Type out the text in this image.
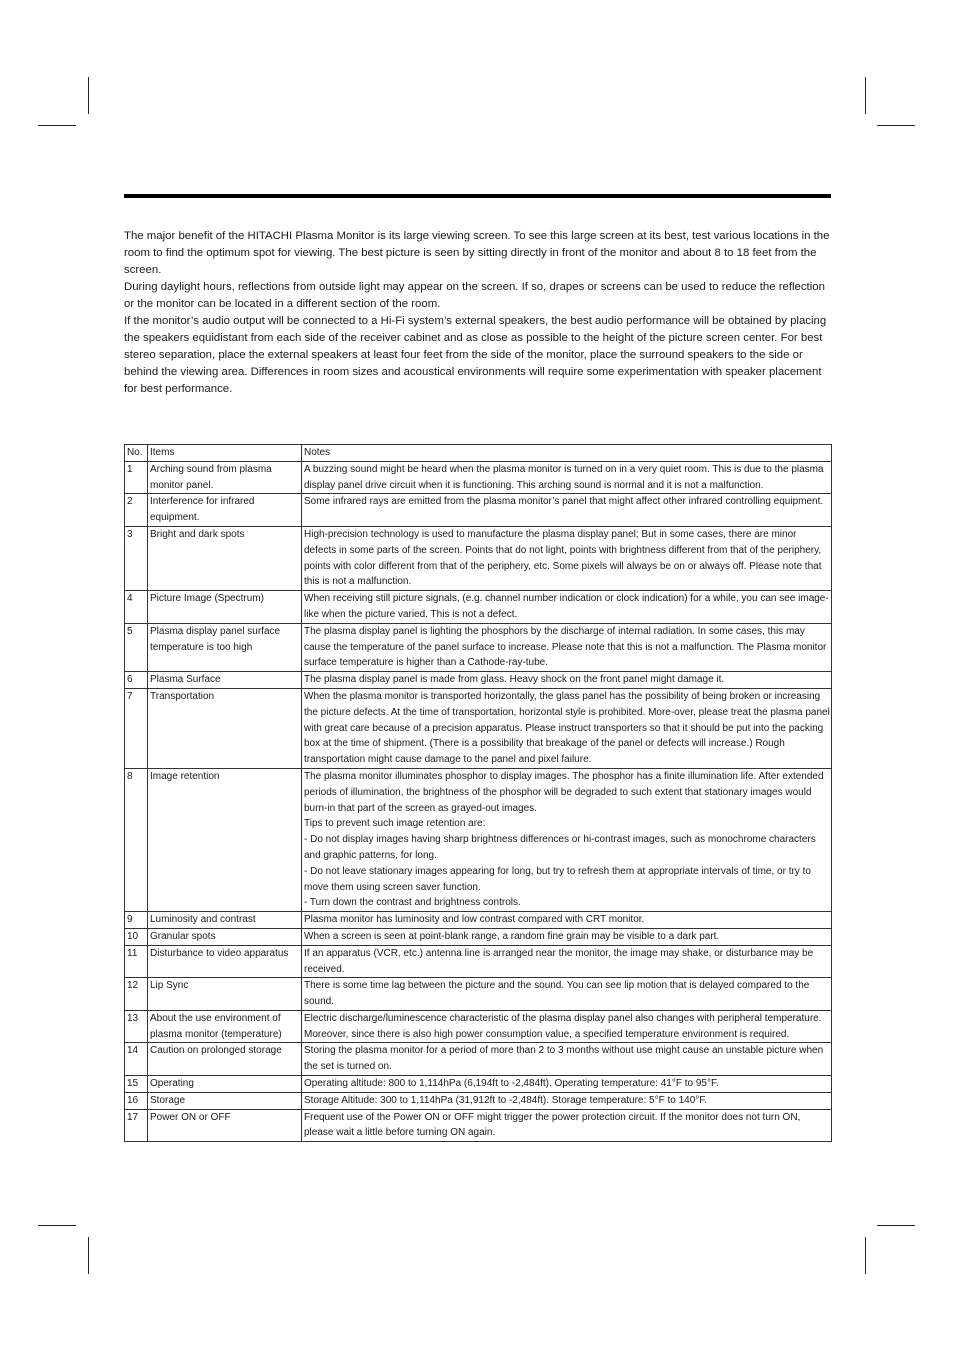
The major benefit of the HITACHI Plasma Monitor is its large viewing screen. To see this large screen at its best, test various locations in the room to find the optimum spot for viewing. The best picture is seen by sitting directly in front of the monitor and about 8 to 18 feet from the screen.

During daylight hours, reflections from outside light may appear on the screen. If so, drapes or screens can be used to reduce the reflection or the monitor can be located in a different section of the room.

If the monitor’s audio output will be connected to a Hi-Fi system’s external speakers, the best audio performance will be obtained by placing the speakers equidistant from each side of the receiver cabinet and as close as possible to the height of the picture screen center. For best stereo separation, place the external speakers at least four feet from the side of the monitor, place the surround speakers to the side or behind the viewing area. Differences in room sizes and acoustical environments will require some experimentation with speaker placement for best performance.

No.	Items	Notes
1	Arching sound from plasma monitor panel.	A buzzing sound might be heard when the plasma monitor is turned on in a very quiet room. This is due to the plasma display panel drive circuit when it is functioning. This arching sound is normal and it is not a malfunction.

2	Interference for infrared equipment.	Some infrared rays are emitted from the plasma monitor’s panel that might affect other infrared controlling equipment.

3	Bright and dark spots	High-precision technology is used to manufacture the plasma display panel; But in some cases, there are minor defects in some parts of the screen. Points that do not light, points with brightness different from that of the periphery, points with color different from that of the periphery, etc. Some pixels will always be on or always off. Please note that this is not a malfunction.

4	Picture Image (Spectrum)	When receiving still picture signals, (e.g. channel number indication or clock indication) for a while, you can see image-like when the picture varied. This is not a defect.

5	Plasma display panel surface temperature is too high	The plasma display panel is lighting the phosphors by the discharge of internal radiation. In some cases, this may cause the temperature of the panel surface to increase. Please note that this is not a malfunction. The Plasma monitor surface temperature is higher than a Cathode-ray-tube.

6	Plasma Surface	The plasma display panel is made from glass. Heavy shock on the front panel might damage it.

7	Transportation	When the plasma monitor is transported horizontally, the glass panel has the possibility of being broken or increasing the picture defects. At the time of transportation, horizontal style is prohibited. More-over, please treat the plasma panel with great care because of a precision apparatus. Please instruct transporters so that it should be put into the packing box at the time of shipment. (There is a possibility that breakage of the panel or defects will increase.) Rough transportation might cause damage to the panel and pixel failure.

8	Image retention	The plasma monitor illuminates phosphor to display images. The phosphor has a finite illumination life. After extended periods of illumination, the brightness of the phosphor will be degraded to such extent that stationary images would burn-in that part of the screen as grayed-out images.
Tips to prevent such image retention are:
- Do not display images having sharp brightness differences or hi-contrast images, such as monochrome characters and graphic patterns, for long.
- Do not leave stationary images appearing for long, but try to refresh them at appropriate intervals of time, or try to move them using screen saver function.
- Turn down the contrast and brightness controls.

9	Luminosity and contrast	Plasma monitor has luminosity and low contrast compared with CRT monitor.

10	Granular spots	When a screen is seen at point-blank range, a random fine grain may be visible to a dark part.

11	Disturbance to video apparatus	If an apparatus (VCR, etc.) antenna line is arranged near the monitor, the image may shake, or disturbance may be received.

12	Lip Sync	There is some time lag between the picture and the sound. You can see lip motion that is delayed compared to the sound.

13	About the use environment of plasma monitor (temperature)	Electric discharge/luminescence characteristic of the plasma display panel also changes with peripheral temperature. Moreover, since there is also high power consumption value, a specified temperature environment is required.

14	Caution on prolonged storage	Storing the plasma monitor for a period of more than 2 to 3 months without use might cause an unstable picture when the set is turned on.

15	Operating	Operating altitude: 800 to 1,114hPa (6,194ft to -2,484ft). Operating temperature: 41°F to 95°F.

16	Storage	Storage Altitude: 300 to 1,114hPa (31,912ft to -2,484ft). Storage temperature: 5°F to 140°F.

17	Power ON or OFF	Frequent use of the Power ON or OFF might trigger the power protection circuit. If the monitor does not turn ON, please wait a little before turning ON again.
